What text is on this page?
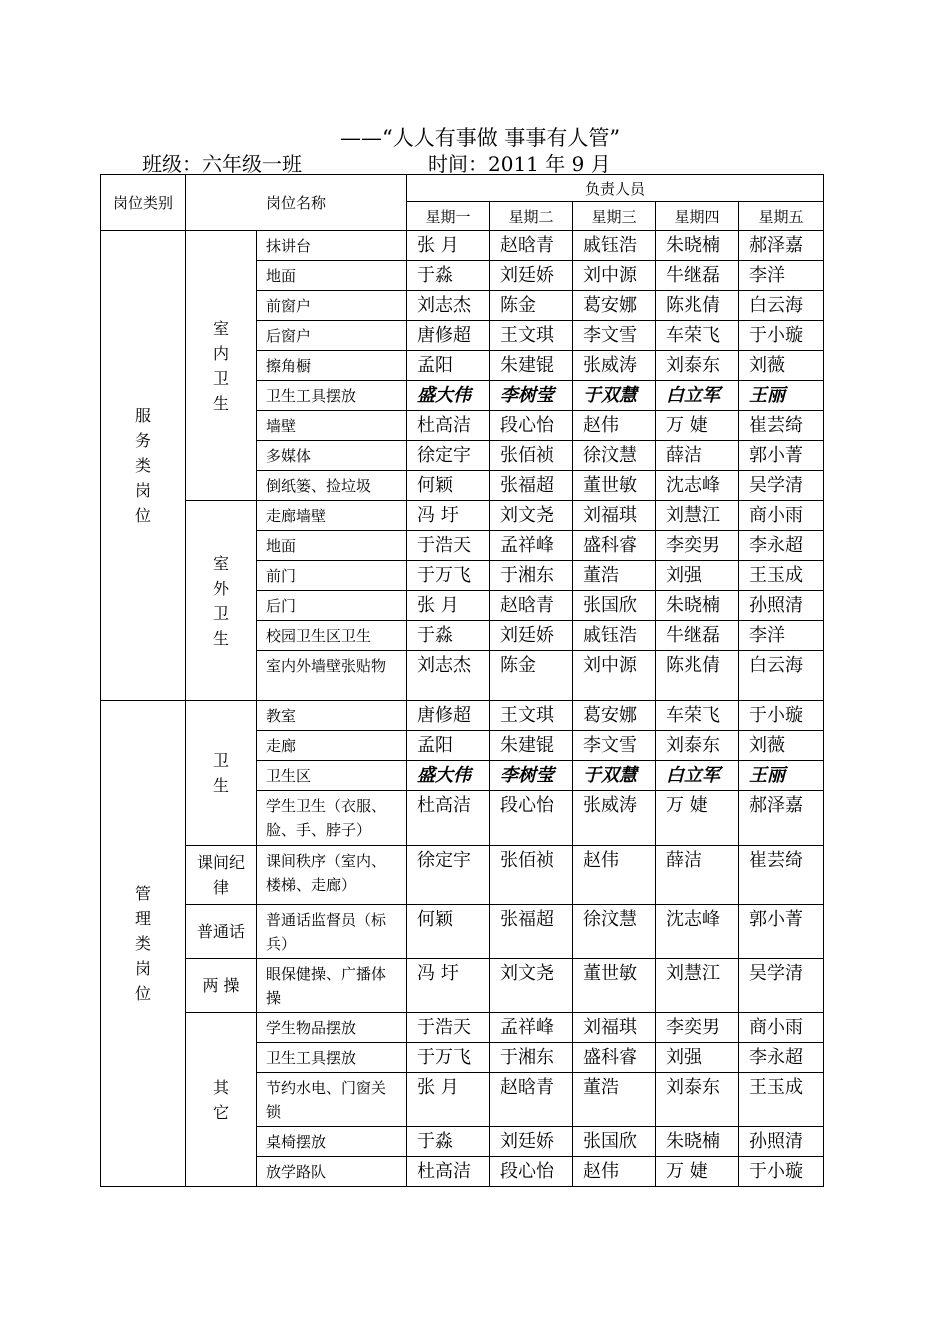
——“人人有事做 事事有人管”
班级：六年级一班	时间：2011 年 9 月
岗位类别	岗位名称		负责人员				
			星期一	星期二	星期三	星期四	星期五
服务类岗位	室内卫生	抹讲台	张 月	赵晗青	戚钰浩	朱晓楠	郝泽嘉
		地面	于淼	刘廷娇	刘中源	牛继磊	李洋
		前窗户	刘志杰	陈金	葛安娜	陈兆倩	白云海
		后窗户	唐修超	王文琪	李文雪	车荣飞	于小璇
		擦角橱	孟阳	朱建锟	张威涛	刘泰东	刘薇
		卫生工具摆放	盛大伟	李树莹	于双慧	白立军	王丽
		墙壁	杜高洁	段心怡	赵伟	万 婕	崔芸绮
		多媒体	徐定宇	张佰祯	徐汶慧	薛洁	郭小菁
		倒纸篓、捡垃圾	何颖	张福超	董世敏	沈志峰	吴学清
	室外卫生	走廊墙壁	冯 圩	刘文尧	刘福琪	刘慧江	商小雨
		地面	于浩天	孟祥峰	盛科睿	李奕男	李永超
		前门	于万飞	于湘东	董浩	刘强	王玉成
		后门	张 月	赵晗青	张国欣	朱晓楠	孙照清
		校园卫生区卫生	于淼	刘廷娇	戚钰浩	牛继磊	李洋
		室内外墙壁张贴物	刘志杰	陈金	刘中源	陈兆倩	白云海
管理类岗位	卫生	教室	唐修超	王文琪	葛安娜	车荣飞	于小璇
		走廊	孟阳	朱建锟	李文雪	刘泰东	刘薇
		卫生区	盛大伟	李树莹	于双慧	白立军	王丽
		学生卫生（衣服、脸、手、脖子）	杜高洁	段心怡	张威涛	万 婕	郝泽嘉
	课间纪律	课间秩序（室内、楼梯、走廊）	徐定宇	张佰祯	赵伟	薛洁	崔芸绮
	普通话	普通话监督员（标兵）	何颖	张福超	徐汶慧	沈志峰	郭小菁
	两 操	眼保健操、广播体操	冯 圩	刘文尧	董世敏	刘慧江	吴学清
	其它	学生物品摆放	于浩天	孟祥峰	刘福琪	李奕男	商小雨
		卫生工具摆放	于万飞	于湘东	盛科睿	刘强	李永超
		节约水电、门窗关锁	张 月	赵晗青	董浩	刘泰东	王玉成
		桌椅摆放	于淼	刘廷娇	张国欣	朱晓楠	孙照清
		放学路队	杜高洁	段心怡	赵伟	万 婕	于小璇
